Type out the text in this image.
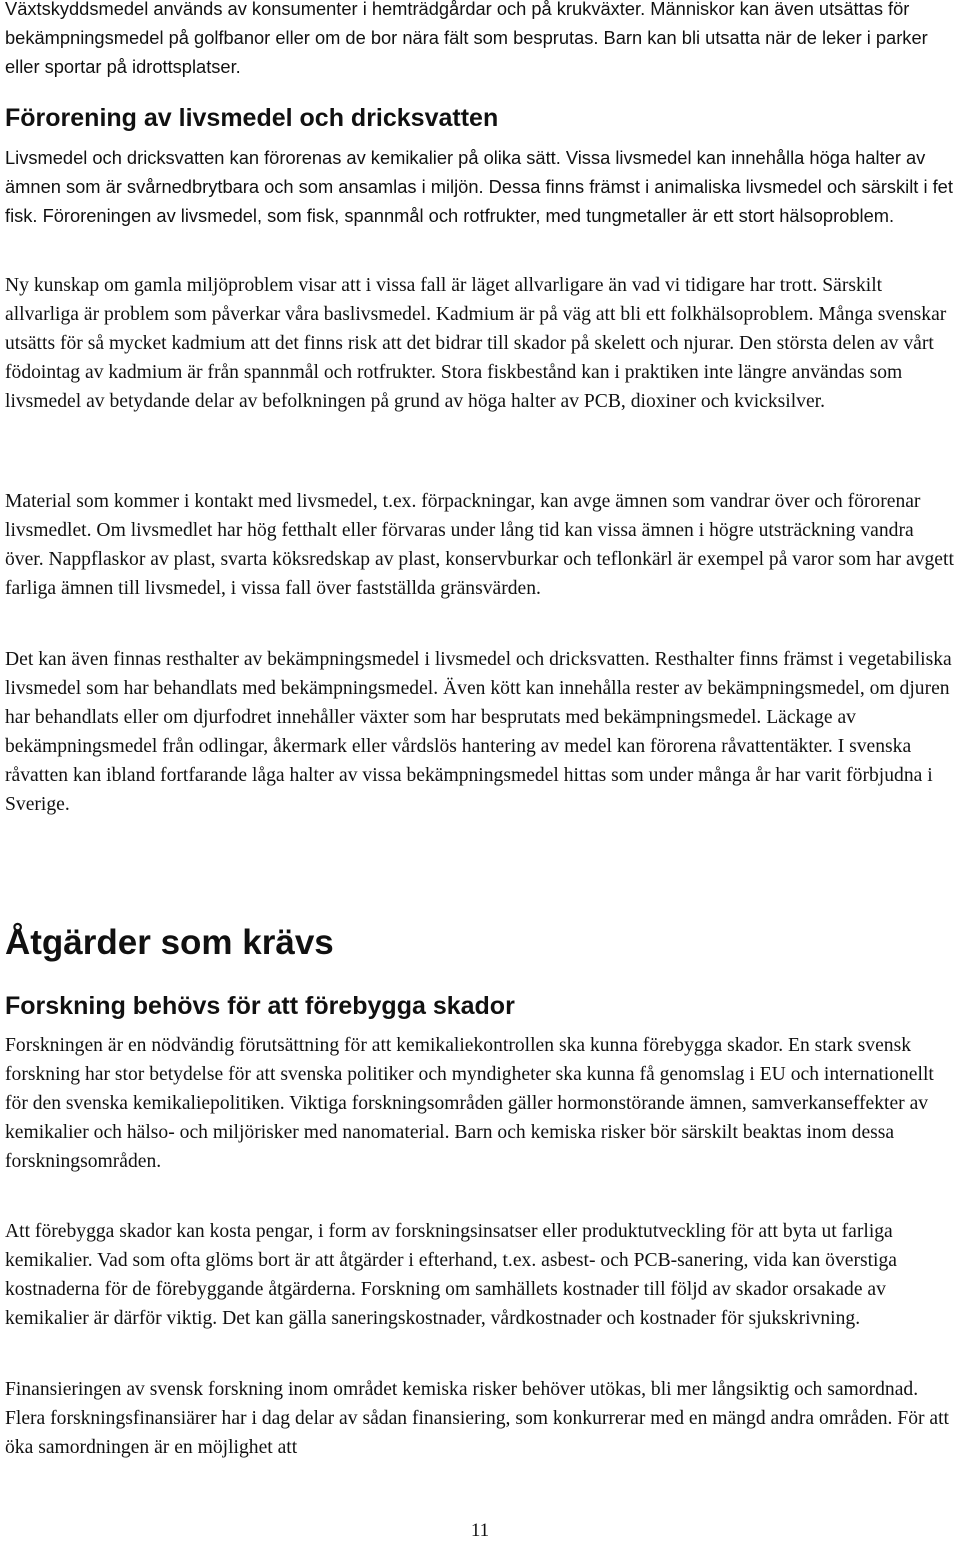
Växtskyddsmedel används av konsumenter i hemträdgårdar och på krukväxter. Människor kan även utsättas för bekämpningsmedel på golfbanor eller om de bor nära fält som besprutas. Barn kan bli utsatta när de leker i parker eller sportar på idrottsplatser.

Förorening av livsmedel och dricksvatten

Livsmedel och dricksvatten kan förorenas av kemikalier på olika sätt. Vissa livsmedel kan innehålla höga halter av ämnen som är svårnedbrytbara och som ansamlas i miljön. Dessa finns främst i animaliska livsmedel och särskilt i fet fisk. Föroreningen av livsmedel, som fisk, spannmål och rotfrukter, med tungmetaller är ett stort hälsoproblem.

Ny kunskap om gamla miljöproblem visar att i vissa fall är läget allvarligare än vad vi tidigare har trott. Särskilt allvarliga är problem som påverkar våra baslivsmedel. Kadmium är på väg att bli ett folkhälsoproblem. Många svenskar utsätts för så mycket kadmium att det finns risk att det bidrar till skador på skelett och njurar. Den största delen av vårt födointag av kadmium är från spannmål och rotfrukter. Stora fiskbestånd kan i praktiken inte längre användas som livsmedel av betydande delar av befolkningen på grund av höga halter av PCB, dioxiner och kvicksilver.

Material som kommer i kontakt med livsmedel, t.ex. förpackningar, kan avge ämnen som vandrar över och förorenar livsmedlet. Om livsmedlet har hög fetthalt eller förvaras under lång tid kan vissa ämnen i högre utsträckning vandra över. Nappflaskor av plast, svarta köksredskap av plast, konservburkar och teflonkärl är exempel på varor som har avgett farliga ämnen till livsmedel, i vissa fall över fastställda gränsvärden.

Det kan även finnas resthalter av bekämpningsmedel i livsmedel och dricksvatten. Resthalter finns främst i vegetabiliska livsmedel som har behandlats med bekämpningsmedel. Även kött kan innehålla rester av bekämpningsmedel, om djuren har behandlats eller om djurfodret innehåller växter som har besprutats med bekämpningsmedel. Läckage av bekämpningsmedel från odlingar, åkermark eller vårdslös hantering av medel kan förorena råvattentäkter. I svenska råvatten kan ibland fortfarande låga halter av vissa bekämpningsmedel hittas som under många år har varit förbjudna i Sverige.

Åtgärder som krävs
Forskning behövs för att förebygga skador

Forskningen är en nödvändig förutsättning för att kemikaliekontrollen ska kunna förebygga skador. En stark svensk forskning har stor betydelse för att svenska politiker och myndigheter ska kunna få genomslag i EU och internationellt för den svenska kemikaliepolitiken. Viktiga forskningsområden gäller hormonstörande ämnen, samverkanseffekter av kemikalier och hälso- och miljörisker med nanomaterial. Barn och kemiska risker bör särskilt beaktas inom dessa forskningsområden.

Att förebygga skador kan kosta pengar, i form av forskningsinsatser eller produktutveckling för att byta ut farliga kemikalier. Vad som ofta glöms bort är att åtgärder i efterhand, t.ex. asbest- och PCB-sanering, vida kan överstiga kostnaderna för de förebyggande åtgärderna. Forskning om samhällets kostnader till följd av skador orsakade av kemikalier är därför viktig. Det kan gälla saneringskostnader, vårdkostnader och kostnader för sjukskrivning.

Finansieringen av svensk forskning inom området kemiska risker behöver utökas, bli mer långsiktig och samordnad. Flera forskningsfinansiärer har i dag delar av sådan finansiering, som konkurrerar med en mängd andra områden. För att öka samordningen är en möjlighet att

11
